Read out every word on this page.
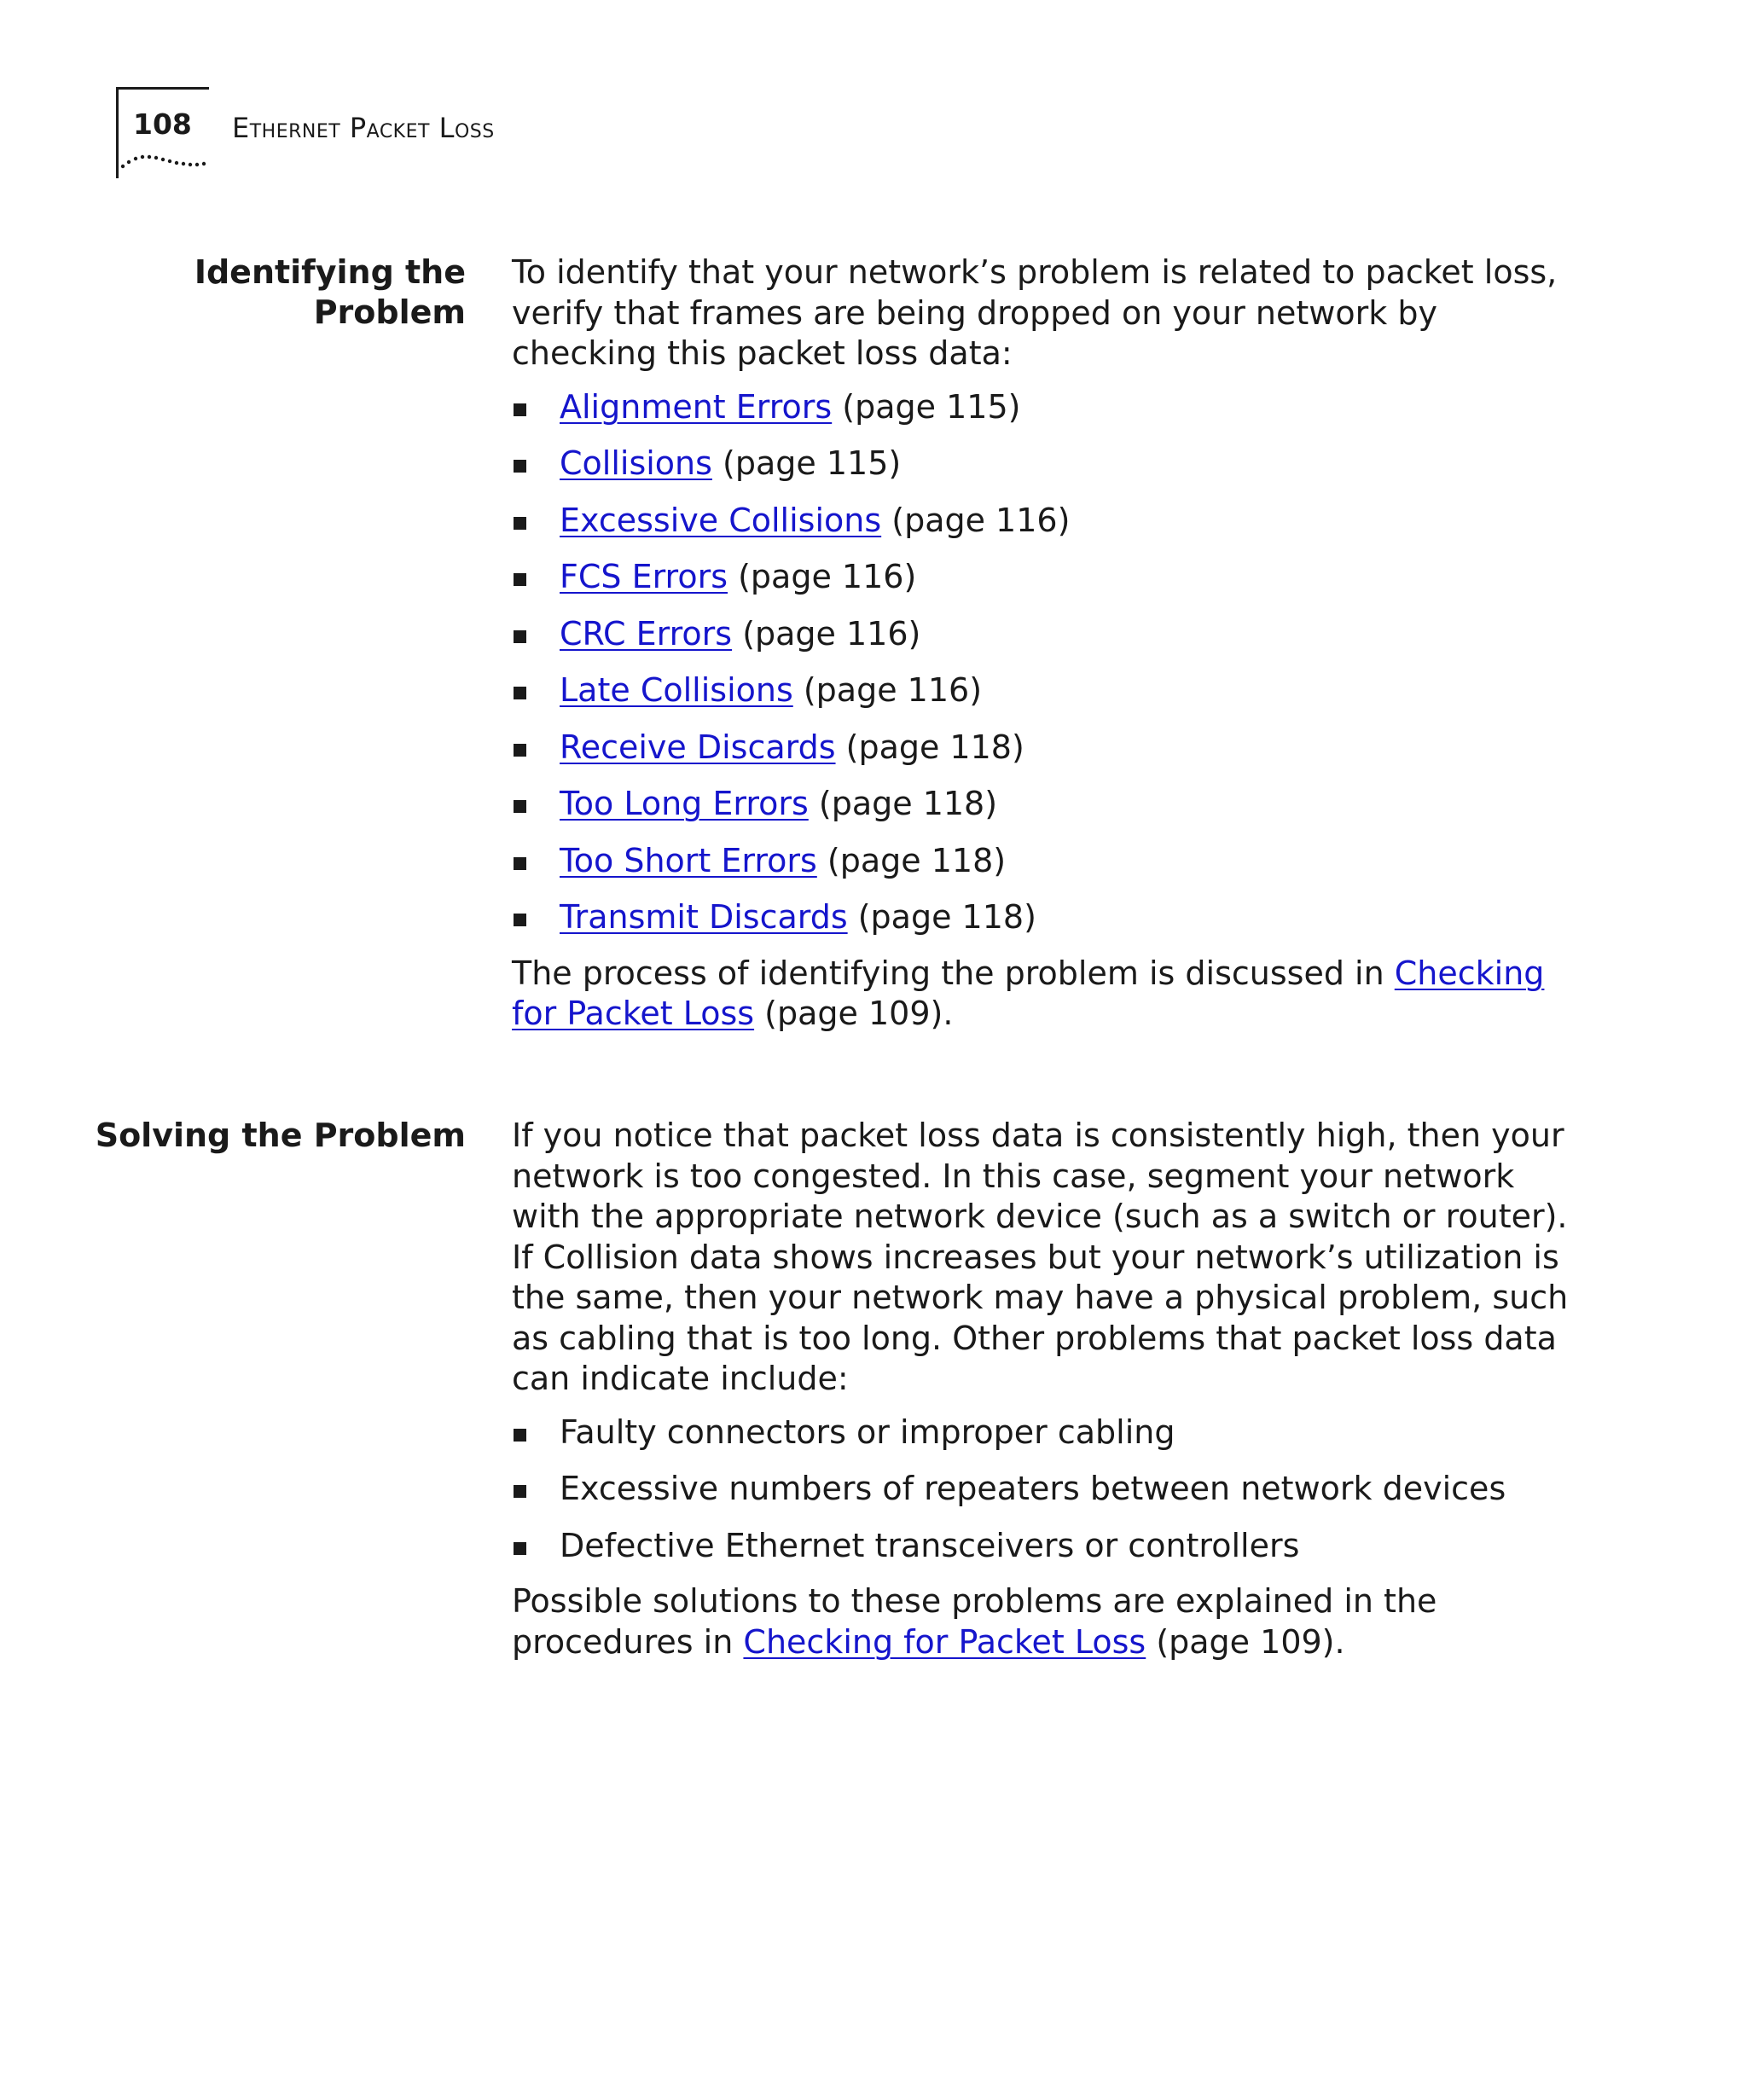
108 Ethernet Packet Loss
Identifying the
Problem

To identify that your network’s problem is related to packet loss, verify that frames are being dropped on your network by checking this packet loss data:

Alignment Errors (page 115)
Collisions (page 115)
Excessive Collisions (page 116)
FCS Errors (page 116)
CRC Errors (page 116)
Late Collisions (page 116)
Receive Discards (page 118)
Too Long Errors (page 118)
Too Short Errors (page 118)
Transmit Discards (page 118)

The process of identifying the problem is discussed in Checking for Packet Loss (page 109).

Solving the Problem If you notice that packet loss data is consistently high, then your network is too congested. In this case, segment your network with the appropriate network device (such as a switch or router). If Collision data shows increases but your network’s utilization is the same, then your network may have a physical problem, such as cabling that is too long. Other problems that packet loss data can indicate include:

Faulty connectors or improper cabling
Excessive numbers of repeaters between network devices
Defective Ethernet transceivers or controllers

Possible solutions to these problems are explained in the procedures in Checking for Packet Loss (page 109).
